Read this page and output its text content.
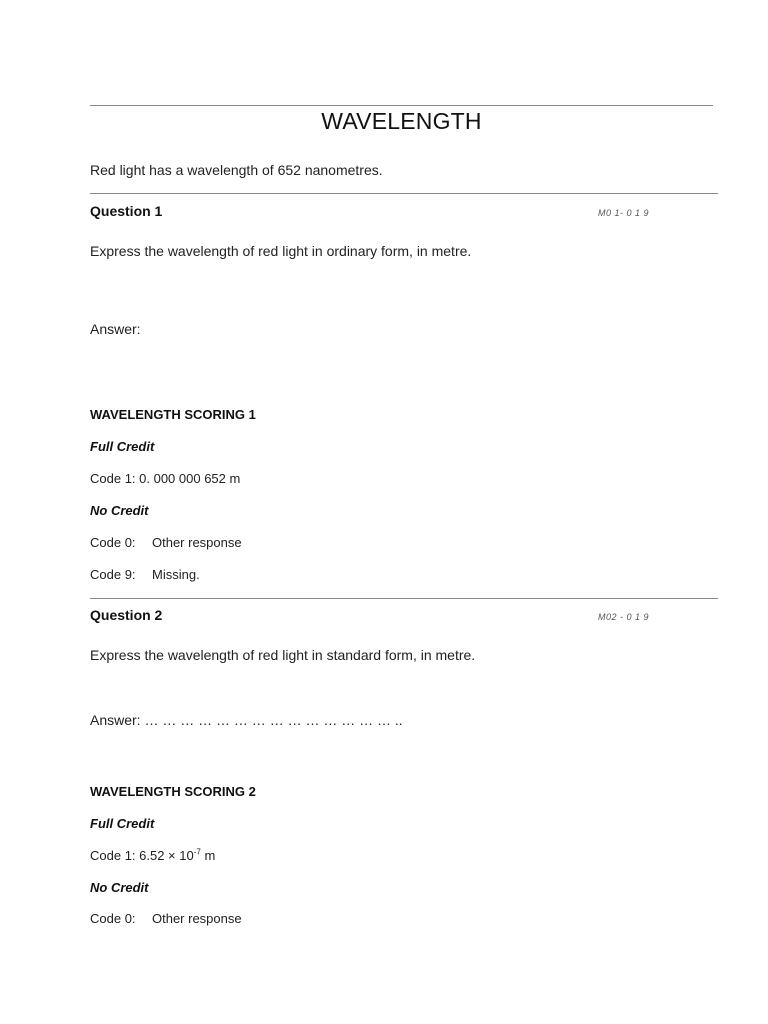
WAVELENGTH
Red light has a wavelength of 652 nanometres.
Question 1	M0 1- 0 1 9
Express the wavelength of red light in ordinary form, in metre.
Answer:
WAVELENGTH SCORING 1
Full Credit
Code 1: 0. 000 000 652 m
No Credit
Code 0: Other response
Code 9: Missing.
Question 2	M02 - 0 1 9
Express the wavelength of red light in standard form, in metre.
Answer: … … … … … … … … … … … … … … ..
WAVELENGTH SCORING 2
Full Credit
Code 1: $6.52 \times 10^{-7}$ m
No Credit
Code 0: Other response
